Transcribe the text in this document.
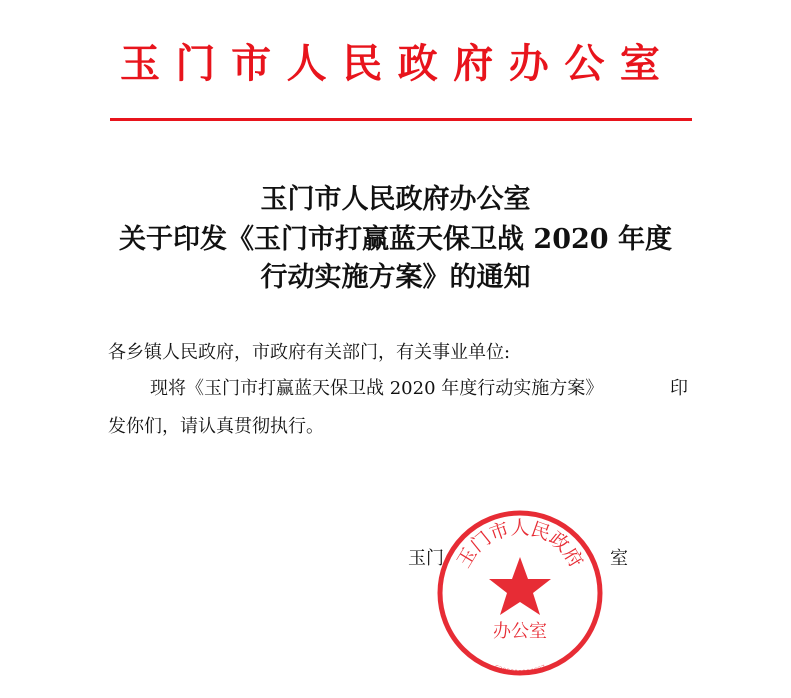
玉 门 市 人 民 政 府 办 公 室
玉门市人民政府办公室
关于印发《玉门市打赢蓝天保卫战 2020 年度
行动实施方案》的通知
各乡镇人民政府，市政府有关部门，有关事业单位:
现将《玉门市打赢蓝天保卫战 2020 年度行动实施方案》	印
发你们，请认真贯彻执行。
玉门	室
玉门市人民政府
办公室
6209810004637
